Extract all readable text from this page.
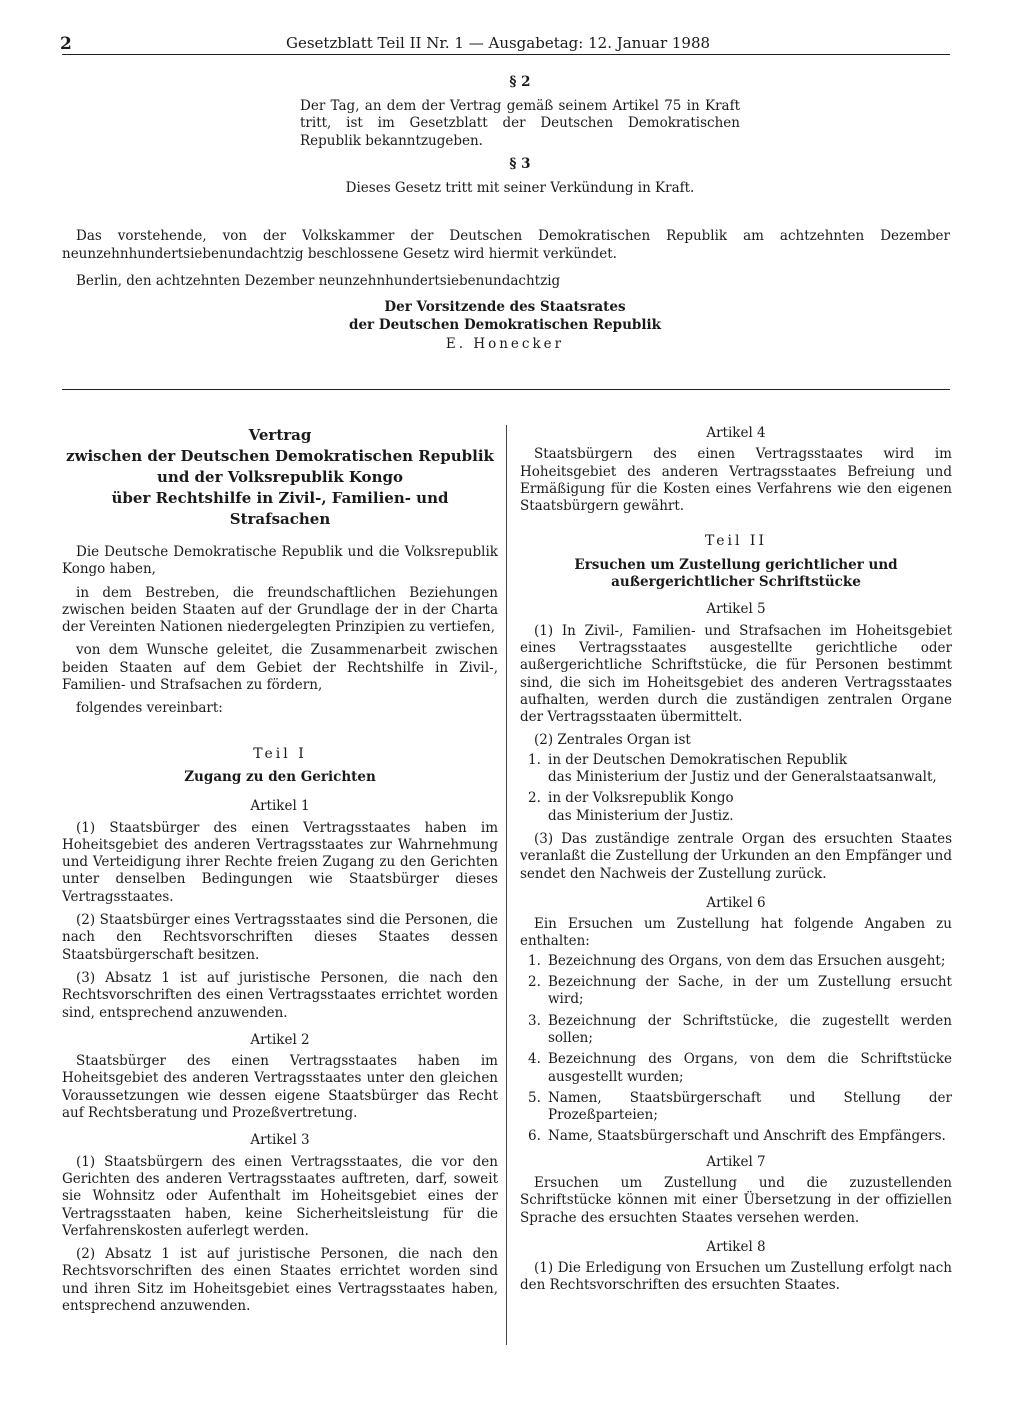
2	Gesetzblatt Teil II Nr. 1 — Ausgabetag: 12. Januar 1988
§ 2
Der Tag, an dem der Vertrag gemäß seinem Artikel 75 in Kraft tritt, ist im Gesetzblatt der Deutschen Demokratischen Republik bekanntzugeben.
§ 3
Dieses Gesetz tritt mit seiner Verkündung in Kraft.
Das vorstehende, von der Volkskammer der Deutschen Demokratischen Republik am achtzehnten Dezember neunzehnhundertsiebenundachtzig beschlossene Gesetz wird hiermit verkündet.
Berlin, den achtzehnten Dezember neunzehnhundertsiebenundachtzig
Der Vorsitzende des Staatsrates
der Deutschen Demokratischen Republik
E. Honecker
Vertrag
zwischen der Deutschen Demokratischen Republik
und der Volksrepublik Kongo
über Rechtshilfe in Zivil-, Familien- und Strafsachen

Die Deutsche Demokratische Republik und die Volksrepublik Kongo haben,

in dem Bestreben, die freundschaftlichen Beziehungen zwischen beiden Staaten auf der Grundlage der in der Charta der Vereinten Nationen niedergelegten Prinzipien zu vertiefen,

von dem Wunsche geleitet, die Zusammenarbeit zwischen beiden Staaten auf dem Gebiet der Rechtshilfe in Zivil-, Familien- und Strafsachen zu fördern,

folgendes vereinbart:

Teil I
Zugang zu den Gerichten
Artikel 1

(1) Staatsbürger des einen Vertragsstaates haben im Hoheitsgebiet des anderen Vertragsstaates zur Wahrnehmung und Verteidigung ihrer Rechte freien Zugang zu den Gerichten unter denselben Bedingungen wie Staatsbürger dieses Vertragsstaates.

(2) Staatsbürger eines Vertragsstaates sind die Personen, die nach den Rechtsvorschriften dieses Staates dessen Staatsbürgerschaft besitzen.

(3) Absatz 1 ist auf juristische Personen, die nach den Rechtsvorschriften des einen Vertragsstaates errichtet worden sind, entsprechend anzuwenden.

Artikel 2

Staatsbürger des einen Vertragsstaates haben im Hoheitsgebiet des anderen Vertragsstaates unter den gleichen Voraussetzungen wie dessen eigene Staatsbürger das Recht auf Rechtsberatung und Prozeßvertretung.

Artikel 3

(1) Staatsbürgern des einen Vertragsstaates, die vor den Gerichten des anderen Vertragsstaates auftreten, darf, soweit sie Wohnsitz oder Aufenthalt im Hoheitsgebiet eines der Vertragsstaaten haben, keine Sicherheitsleistung für die Verfahrenskosten auferlegt werden.

(2) Absatz 1 ist auf juristische Personen, die nach den Rechtsvorschriften des einen Staates errichtet worden sind und ihren Sitz im Hoheitsgebiet eines Vertragsstaates haben, entsprechend anzuwenden.

Artikel 4

Staatsbürgern des einen Vertragsstaates wird im Hoheitsgebiet des anderen Vertragsstaates Befreiung und Ermäßigung für die Kosten eines Verfahrens wie den eigenen Staatsbürgern gewährt.

Teil II
Ersuchen um Zustellung gerichtlicher und
außergerichtlicher Schriftstücke
Artikel 5

(1) In Zivil-, Familien- und Strafsachen im Hoheitsgebiet eines Vertragsstaates ausgestellte gerichtliche oder außergerichtliche Schriftstücke, die für Personen bestimmt sind, die sich im Hoheitsgebiet des anderen Vertragsstaates aufhalten, werden durch die zuständigen zentralen Organe der Vertragsstaaten übermittelt.

(2) Zentrales Organ ist

1. in der Deutschen Demokratischen Republik
das Ministerium der Justiz und der Generalstaatsanwalt,
2. in der Volksrepublik Kongo
das Ministerium der Justiz.

(3) Das zuständige zentrale Organ des ersuchten Staates veranlaßt die Zustellung der Urkunden an den Empfänger und sendet den Nachweis der Zustellung zurück.

Artikel 6

Ein Ersuchen um Zustellung hat folgende Angaben zu enthalten:

1. Bezeichnung des Organs, von dem das Ersuchen ausgeht;
2. Bezeichnung der Sache, in der um Zustellung ersucht wird;
3. Bezeichnung der Schriftstücke, die zugestellt werden sollen;
4. Bezeichnung des Organs, von dem die Schriftstücke ausgestellt wurden;
5. Namen, Staatsbürgerschaft und Stellung der Prozeßparteien;
6. Name, Staatsbürgerschaft und Anschrift des Empfängers.
Artikel 7

Ersuchen um Zustellung und die zuzustellenden Schriftstücke können mit einer Übersetzung in der offiziellen Sprache des ersuchten Staates versehen werden.

Artikel 8

(1) Die Erledigung von Ersuchen um Zustellung erfolgt nach den Rechtsvorschriften des ersuchten Staates.
